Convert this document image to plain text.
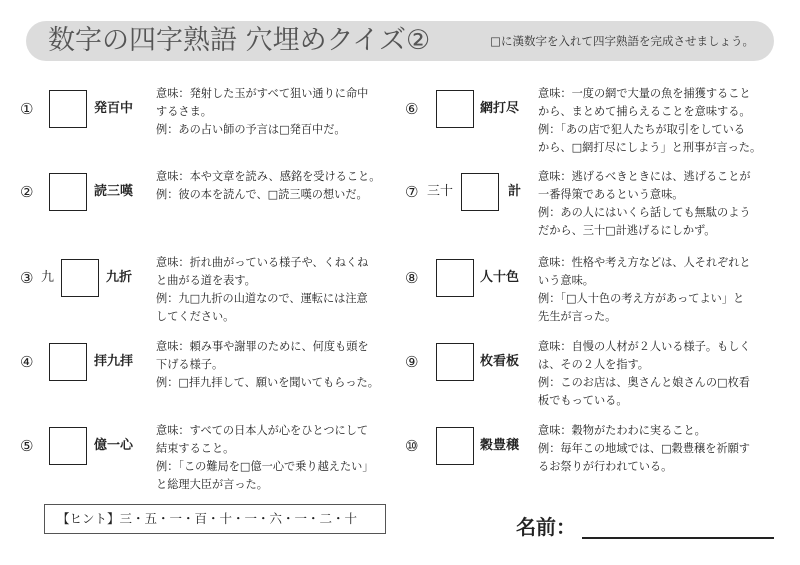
数字の四字熟語 穴埋めクイズ②	□に漢数字を入れて四字熟語を完成させましょう。
①	発百中
意味：発射した玉がすべて狙い通りに命中
するさま。
例：あの占い師の予言は□発百中だ。
②	読三嘆
意味：本や文章を読み、感銘を受けること。
例：彼の本を読んで、□読三嘆の想いだ。
③ 九	九折
意味：折れ曲がっている様子や、くねくね
と曲がる道を表す。
例：九□九折の山道なので、運転には注意
してください。
④	拝九拝
意味：頼み事や謝罪のために、何度も頭を
下げる様子。
例：□拝九拝して、願いを聞いてもらった。
⑤	億一心
意味：すべての日本人が心をひとつにして
結束すること。
例：「この難局を□億一心で乗り越えたい」
と総理大臣が言った。
⑥	網打尽
意味：一度の網で大量の魚を捕獲すること
から、まとめて捕らえることを意味する。
例：「あの店で犯人たちが取引をしている
から、□網打尽にしよう」と刑事が言った。
⑦ 三十	計
意味：逃げるべきときには、逃げることが
一番得策であるという意味。
例：あの人にはいくら話しても無駄のよう
だから、三十□計逃げるにしかず。
⑧	人十色
意味：性格や考え方などは、人それぞれと
いう意味。
例：「□人十色の考え方があってよい」と
先生が言った。
⑨	枚看板
意味：自慢の人材が２人いる様子。もしく
は、その２人を指す。
例：このお店は、奥さんと娘さんの□枚看
板でもっている。
⑩	穀豊穣
意味：穀物がたわわに実ること。
例：毎年この地域では、□穀豊穣を祈願す
るお祭りが行われている。
【ヒント】三・五・一・百・十・一・六・一・二・十	名前：
